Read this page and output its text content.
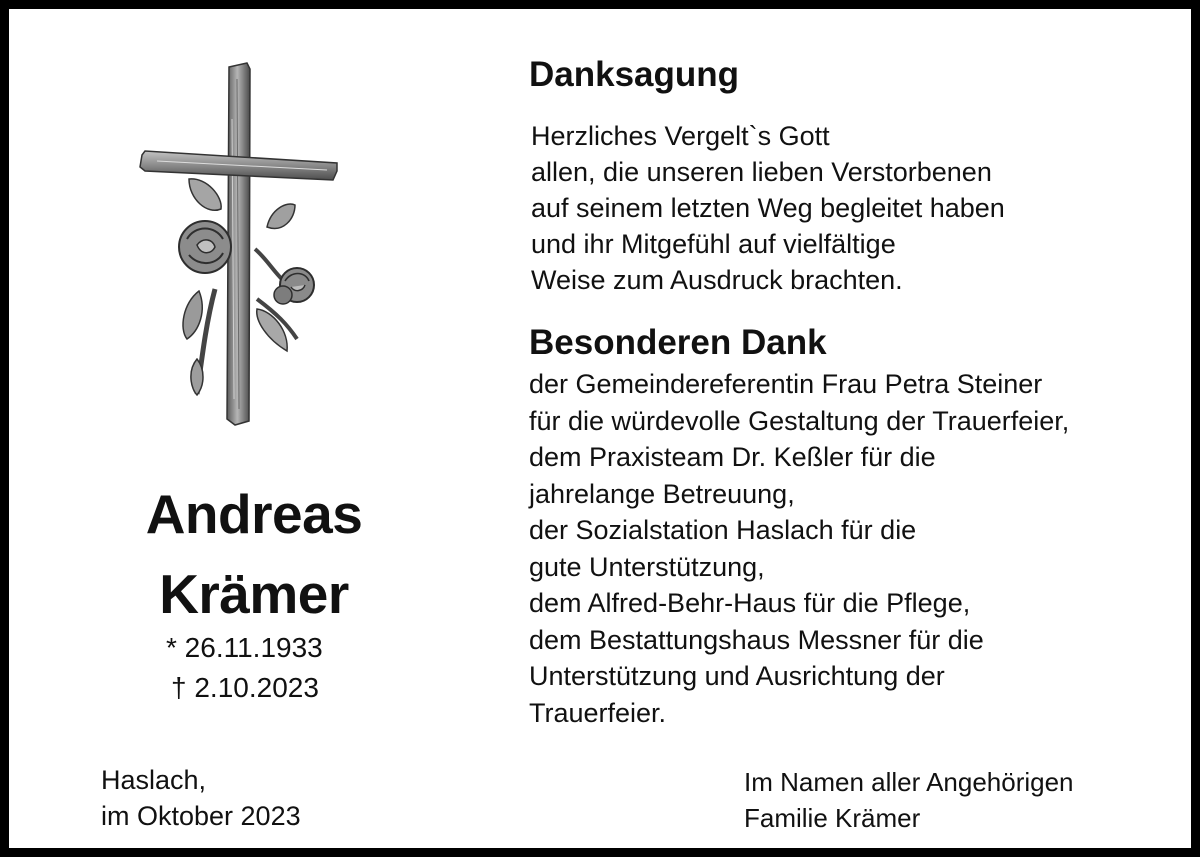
Andreas
Krämer
* 26.11.1933
† 2.10.2023
Haslach,
im Oktober 2023
Danksagung
Herzliches Vergelt`s Gott
allen, die unseren lieben Verstorbenen
auf seinem letzten Weg begleitet haben
und ihr Mitgefühl auf vielfältige
Weise zum Ausdruck brachten.
Besonderen Dank
der Gemeindereferentin Frau Petra Steiner
für die würdevolle Gestaltung der Trauerfeier,
dem Praxisteam Dr. Keßler für die
jahrelange Betreuung,
der Sozialstation Haslach für die
gute Unterstützung,
dem Alfred-Behr-Haus für die Pflege,
dem Bestattungshaus Messner für die
Unterstützung und Ausrichtung der
Trauerfeier.
Im Namen aller Angehörigen
Familie Krämer
